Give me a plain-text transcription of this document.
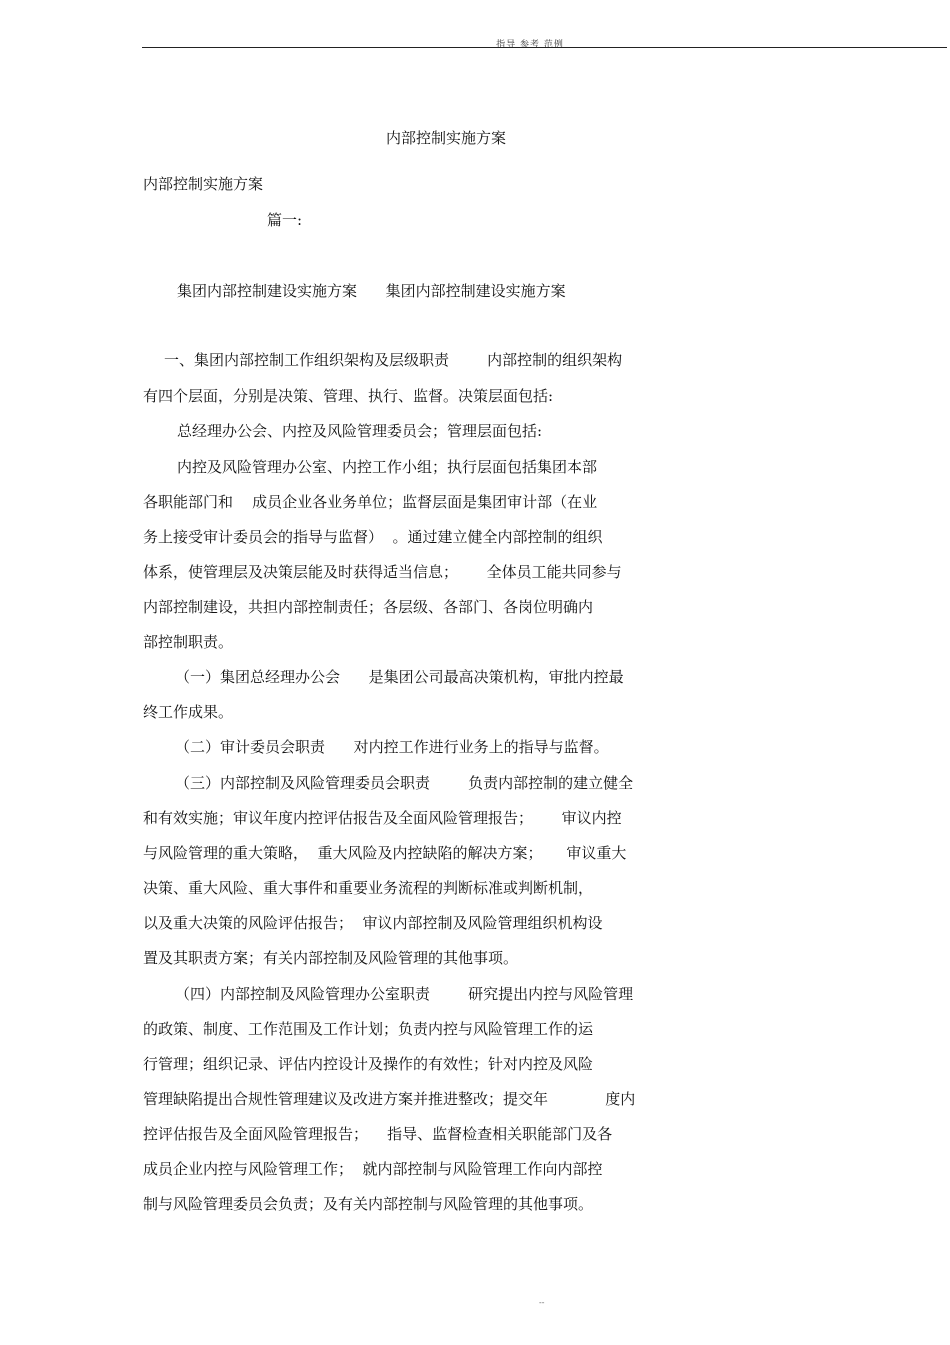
指导 参考 范例
内部控制实施方案
内部控制实施方案
篇一:
集团内部控制建设实施方案      集团内部控制建设实施方案
一、集团内部控制工作组织架构及层级职责        内部控制的组织架构
有四个层面，分别是决策、管理、执行、监督。决策层面包括:
总经理办公会、内控及风险管理委员会；管理层面包括:
内控及风险管理办公室、内控工作小组；执行层面包括集团本部
各职能部门和    成员企业各业务单位；监督层面是集团审计部（在业
务上接受审计委员会的指导与监督）  。通过建立健全内部控制的组织
体系，使管理层及决策层能及时获得适当信息；      全体员工能共同参与
内部控制建设，共担内部控制责任；各层级、各部门、各岗位明确内
部控制职责。
（一）集团总经理办公会      是集团公司最高决策机构，审批内控最
终工作成果。
（二）审计委员会职责      对内控工作进行业务上的指导与监督。
（三）内部控制及风险管理委员会职责        负责内部控制的建立健全
和有效实施；审议年度内控评估报告及全面风险管理报告；      审议内控
与风险管理的重大策略，  重大风险及内控缺陷的解决方案；     审议重大
决策、重大风险、重大事件和重要业务流程的判断标准或判断机制，
以及重大决策的风险评估报告；  审议内部控制及风险管理组织机构设
置及其职责方案；有关内部控制及风险管理的其他事项。
（四）内部控制及风险管理办公室职责        研究提出内控与风险管理
的政策、制度、工作范围及工作计划；负责内控与风险管理工作的运
行管理；组织记录、评估内控设计及操作的有效性；针对内控及风险
管理缺陷提出合规性管理建议及改进方案并推进整改；提交年            度内
控评估报告及全面风险管理报告；    指导、监督检查相关职能部门及各
成员企业内控与风险管理工作；  就内部控制与风险管理工作向内部控
制与风险管理委员会负责；及有关内部控制与风险管理的其他事项。
--
